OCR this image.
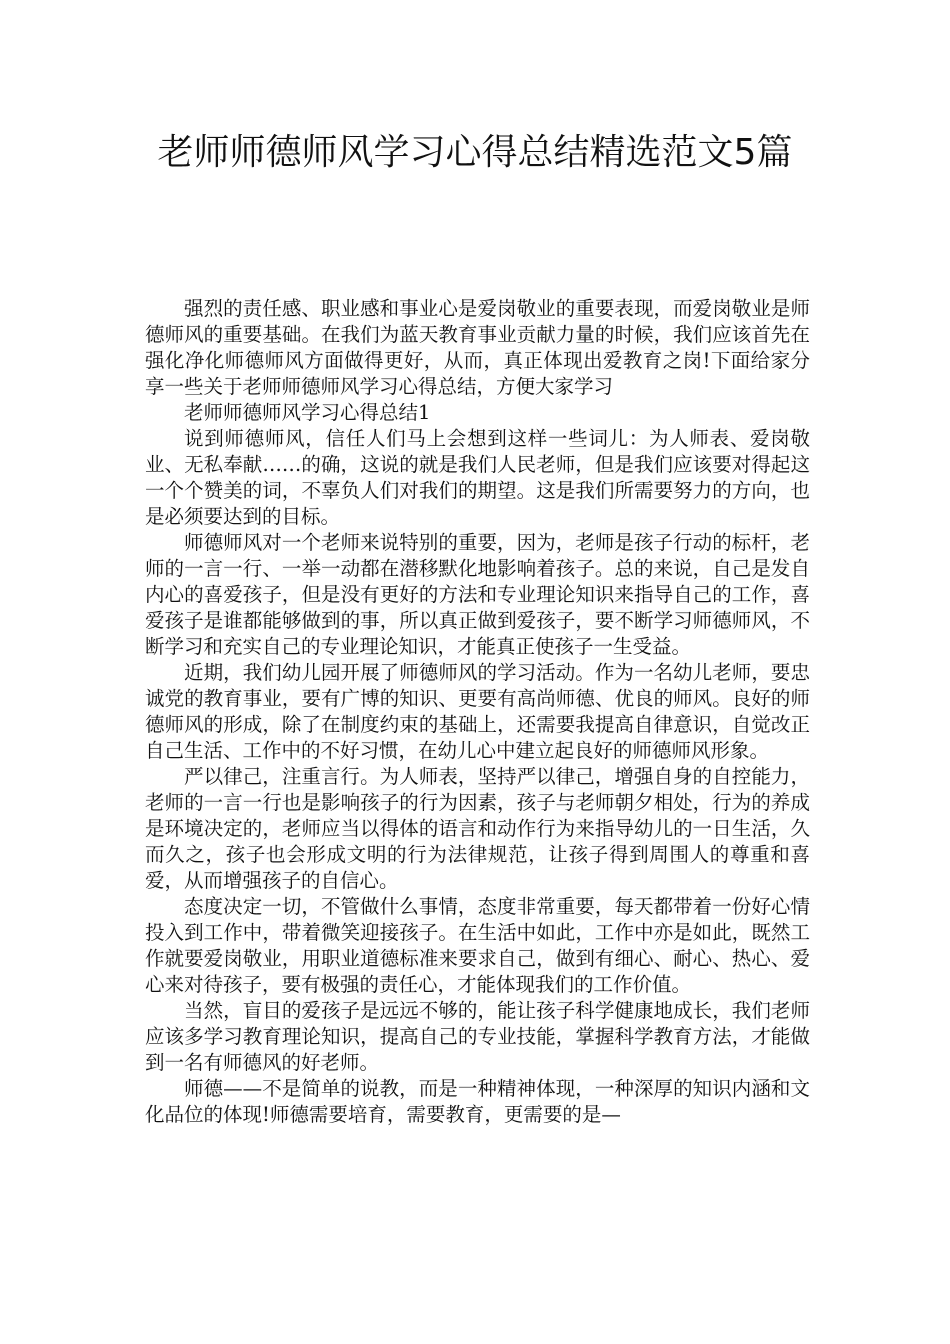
老师师德师风学习心得总结精选范文5篇

强烈的责任感、职业感和事业心是爱岗敬业的重要表现，而爱岗敬业是师德师风的重要基础。在我们为蓝天教育事业贡献力量的时候，我们应该首先在强化净化师德师风方面做得更好，从而，真正体现出爱教育之岗!下面给家分享一些关于老师师德师风学习心得总结，方便大家学习

老师师德师风学习心得总结1

说到师德师风，信任人们马上会想到这样一些词儿：为人师表、爱岗敬业、无私奉献……的确，这说的就是我们人民老师，但是我们应该要对得起这一个个赞美的词，不辜负人们对我们的期望。这是我们所需要努力的方向，也是必须要达到的目标。

师德师风对一个老师来说特别的重要，因为，老师是孩子行动的标杆，老师的一言一行、一举一动都在潜移默化地影响着孩子。总的来说，自己是发自内心的喜爱孩子，但是没有更好的方法和专业理论知识来指导自己的工作，喜爱孩子是谁都能够做到的事，所以真正做到爱孩子，要不断学习师德师风，不断学习和充实自己的专业理论知识，才能真正使孩子一生受益。

近期，我们幼儿园开展了师德师风的学习活动。作为一名幼儿老师，要忠诚党的教育事业，要有广博的知识、更要有高尚师德、优良的师风。良好的师德师风的形成，除了在制度约束的基础上，还需要我提高自律意识，自觉改正自己生活、工作中的不好习惯，在幼儿心中建立起良好的师德师风形象。

严以律己，注重言行。为人师表，坚持严以律己，增强自身的自控能力，老师的一言一行也是影响孩子的行为因素，孩子与老师朝夕相处，行为的养成是环境决定的，老师应当以得体的语言和动作行为来指导幼儿的一日生活，久而久之，孩子也会形成文明的行为法律规范，让孩子得到周围人的尊重和喜爱，从而增强孩子的自信心。

态度决定一切，不管做什么事情，态度非常重要，每天都带着一份好心情投入到工作中，带着微笑迎接孩子。在生活中如此，工作中亦是如此，既然工作就要爱岗敬业，用职业道德标准来要求自己，做到有细心、耐心、热心、爱心来对待孩子，要有极强的责任心，才能体现我们的工作价值。

当然，盲目的爱孩子是远远不够的，能让孩子科学健康地成长，我们老师应该多学习教育理论知识，提高自己的专业技能，掌握科学教育方法，才能做到一名有师德风的好老师。

师德——不是简单的说教，而是一种精神体现，一种深厚的知识内涵和文化品位的体现!师德需要培育，需要教育，更需要的是—
